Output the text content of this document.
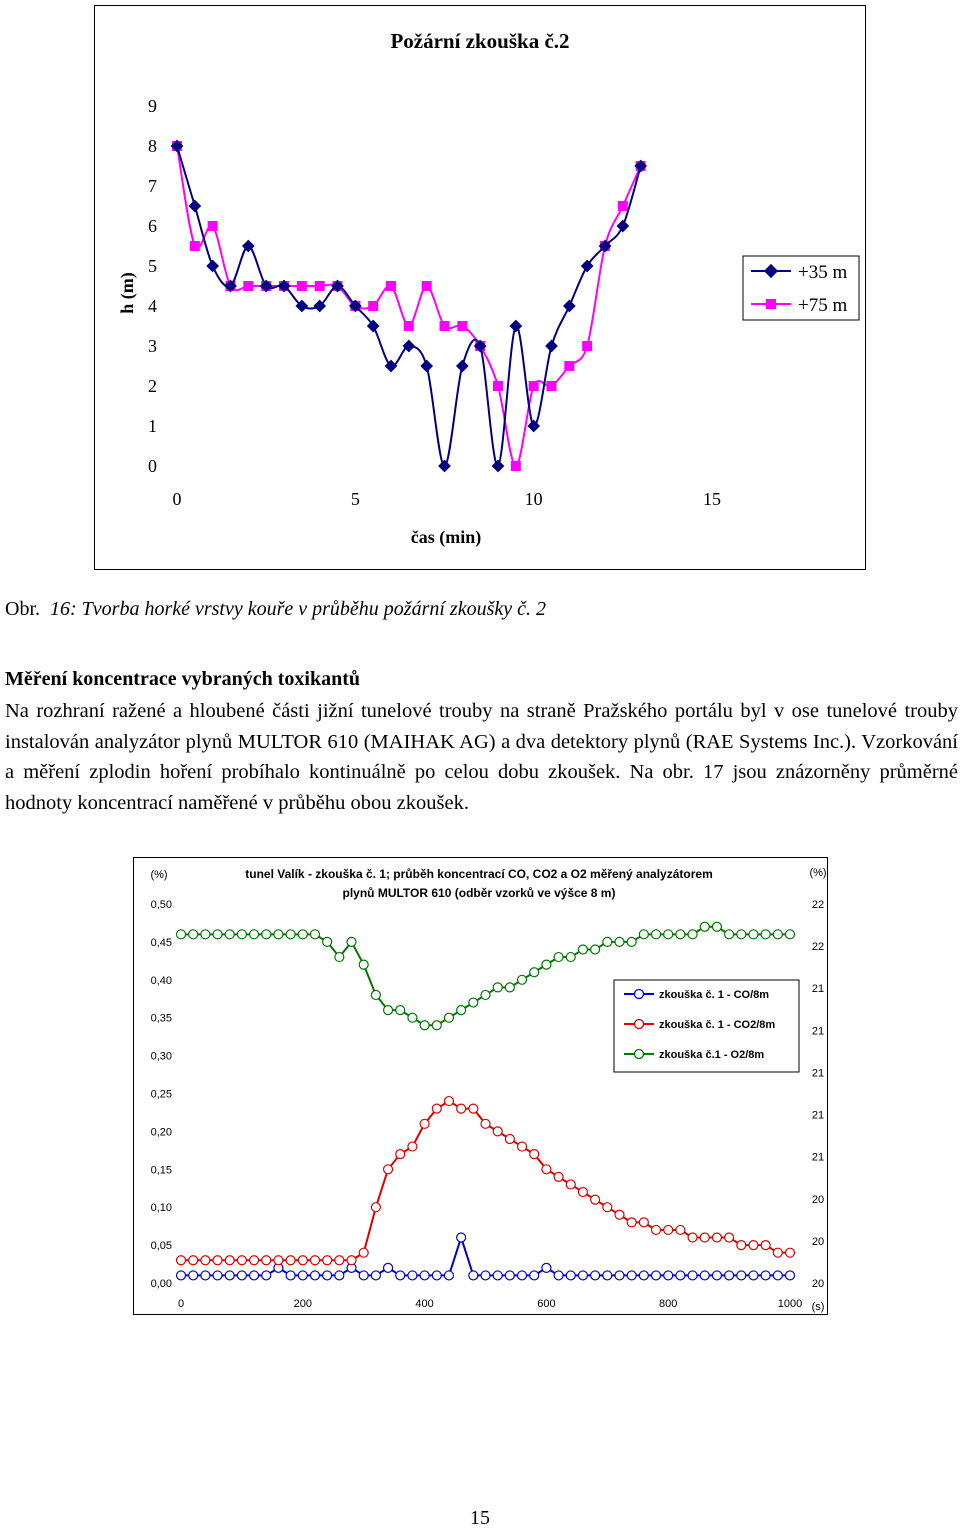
Požární zkouška č.2
h (m)
čas (min)
+35 m
+75 m
0
1
2
3
4
5
6
7
8
9
0	5	10	15
Obr. 16: Tvorba horké vrstvy kouře v průběhu požární zkoušky č. 2
Měření koncentrace vybraných toxikantů
Na rozhraní ražené a hloubené části jižní tunelové trouby na straně Pražského portálu byl v ose tunelové trouby instalován analyzátor plynů MULTOR 610 (MAIHAK AG) a dva detektory plynů (RAE Systems Inc.). Vzorkování a měření zplodin hoření probíhalo kontinuálně po celou dobu zkoušek. Na obr. 17 jsou znázorněny průměrné hodnoty koncentrací naměřené v průběhu obou zkoušek.
tunel Valík - zkouška č. 1; průběh koncentrací CO, CO2 a O2 měřený analyzátorem
plynů MULTOR 610 (odběr vzorků ve výšce 8 m)
(%)	(%)
(s)
zkouška č. 1 - CO/8m
zkouška č. 1 - CO2/8m
zkouška č.1 - O2/8m
0,00
0,05
0,10
0,15
0,20
0,25
0,30
0,35
0,40
0,45
0,50
20
20
20
21
21
21
21
21
22
22
0	200	400	600	800	1000
15
